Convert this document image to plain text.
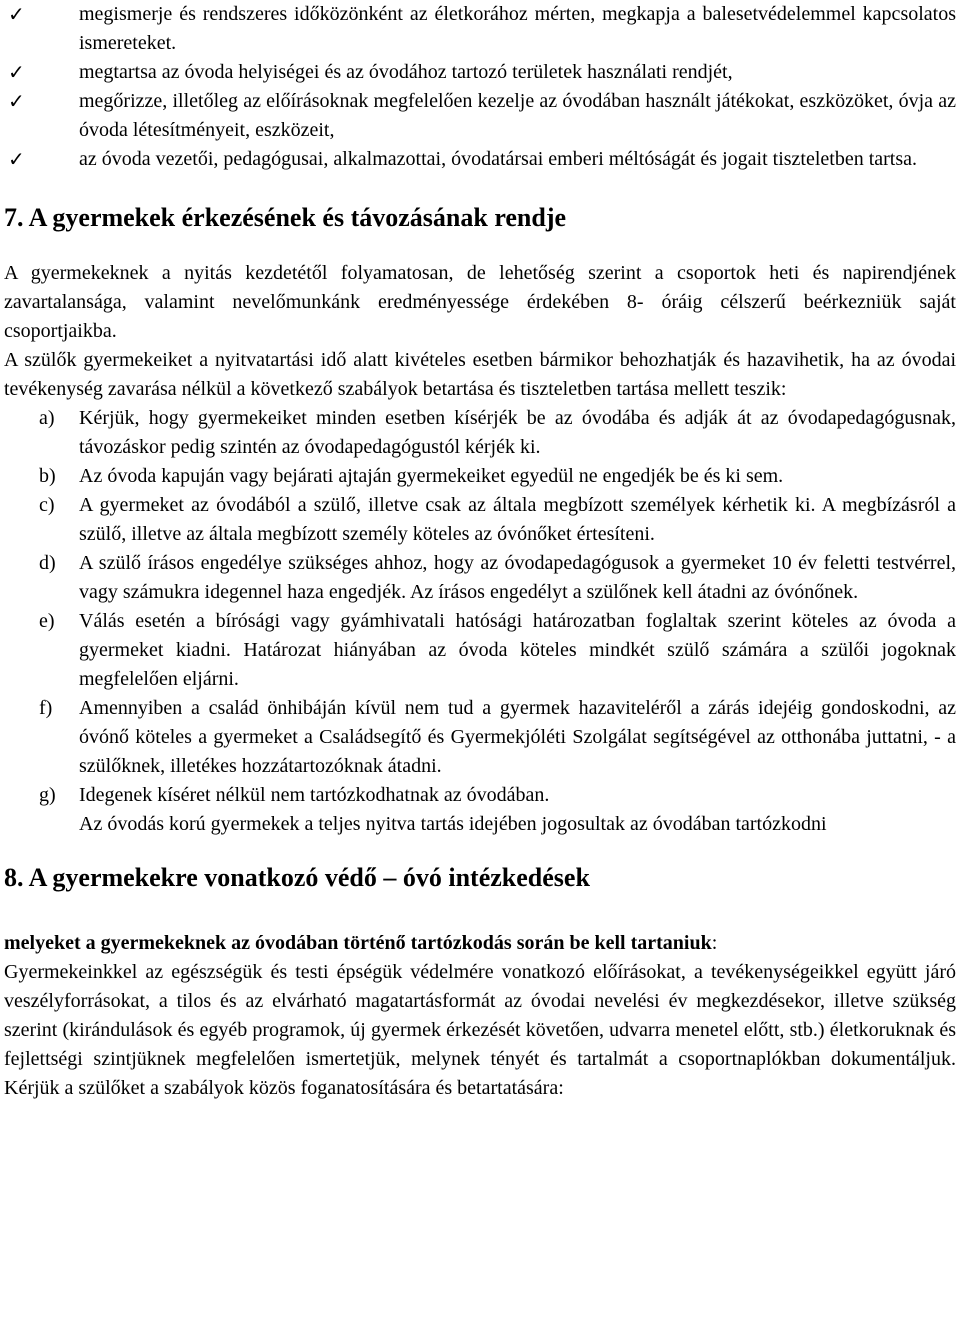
✓	megismerje és rendszeres időközönként az életkorához mérten, megkapja a balesetvédelemmel kapcsolatos ismereteket.
✓	megtartsa az óvoda helyiségei és az óvodához tartozó területek használati rendjét,
✓	megőrizze, illetőleg az előírásoknak megfelelően kezelje az óvodában használt játékokat, eszközöket, óvja az óvoda létesítményeit, eszközeit,
✓	az óvoda vezetői, pedagógusai, alkalmazottai, óvodatársai emberi méltóságát és jogait tiszteletben tartsa.
7. A gyermekek érkezésének és távozásának rendje

A gyermekeknek a nyitás kezdetétől folyamatosan, de lehetőség szerint a csoportok heti és napirendjének zavartalansága, valamint nevelőmunkánk eredményessége érdekében 8- óráig célszerű beérkezniük saját csoportjaikba.

A szülők gyermekeiket a nyitvatartási idő alatt kivételes esetben bármikor behozhatják és hazavihetik, ha az óvodai tevékenység zavarása nélkül a következő szabályok betartása és tiszteletben tartása mellett teszik:

a) Kérjük, hogy gyermekeiket minden esetben kísérjék be az óvodába és adják át az óvodapedagógusnak, távozáskor pedig szintén az óvodapedagógustól kérjék ki.
b) Az óvoda kapuján vagy bejárati ajtaján gyermekeiket egyedül ne engedjék be és ki sem.
c) A gyermeket az óvodából a szülő, illetve csak az általa megbízott személyek kérhetik ki. A megbízásról a szülő, illetve az általa megbízott személy köteles az óvónőket értesíteni.
d) A szülő írásos engedélye szükséges ahhoz, hogy az óvodapedagógusok a gyermeket 10 év feletti testvérrel, vagy számukra idegennel haza engedjék. Az írásos engedélyt a szülőnek kell átadni az óvónőnek.
e) Válás esetén a bírósági vagy gyámhivatali hatósági határozatban foglaltak szerint köteles az óvoda a gyermeket kiadni. Határozat hiányában az óvoda köteles mindkét szülő számára a szülői jogoknak megfelelően eljárni.
f) Amennyiben a család önhibáján kívül nem tud a gyermek hazaviteléről a zárás idejéig gondoskodni, az óvónő köteles a gyermeket a Családsegítő és Gyermekjóléti Szolgálat segítségével az otthonába juttatni, - a szülőknek, illetékes hozzátartozóknak átadni.
g) Idegenek kíséret nélkül nem tartózkodhatnak az óvodában.
Az óvodás korú gyermekek a teljes nyitva tartás idejében jogosultak az óvodában tartózkodni
8. A gyermekekre vonatkozó védő – óvó intézkedések

melyeket a gyermekeknek az óvodában történő tartózkodás során be kell tartaniuk:

Gyermekeinkkel az egészségük és testi épségük védelmére vonatkozó előírásokat, a tevékenységeikkel együtt járó veszélyforrásokat, a tilos és az elvárható magatartásformát az óvodai nevelési év megkezdésekor, illetve szükség szerint (kirándulások és egyéb programok, új gyermek érkezését követően, udvarra menetel előtt, stb.) életkoruknak és fejlettségi szintjüknek megfelelően ismertetjük, melynek tényét és tartalmát a csoportnaplókban dokumentáljuk. Kérjük a szülőket a szabályok közös foganatosítására és betartatására:
